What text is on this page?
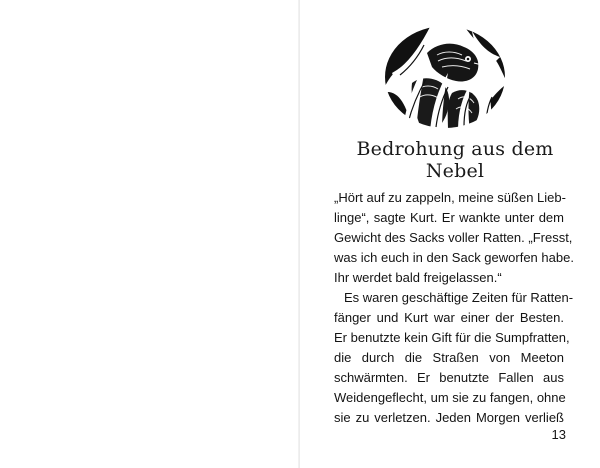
Bedrohung aus dem Nebel
„Hört auf zu zappeln, meine süßen Lieb-
linge“, sagte Kurt. Er wankte unter dem
Gewicht des Sacks voller Ratten. „Fresst,
was ich euch in den Sack geworfen habe.
Ihr werdet bald freigelassen.“
Es waren geschäftige Zeiten für Ratten-
fänger und Kurt war einer der Besten.
Er benutzte kein Gift für die Sumpfratten,
die durch die Straßen von Meeton
schwärmten. Er benutzte Fallen aus
Weidengeflecht, um sie zu fangen, ohne
sie zu verletzen. Jeden Morgen verließ
13
